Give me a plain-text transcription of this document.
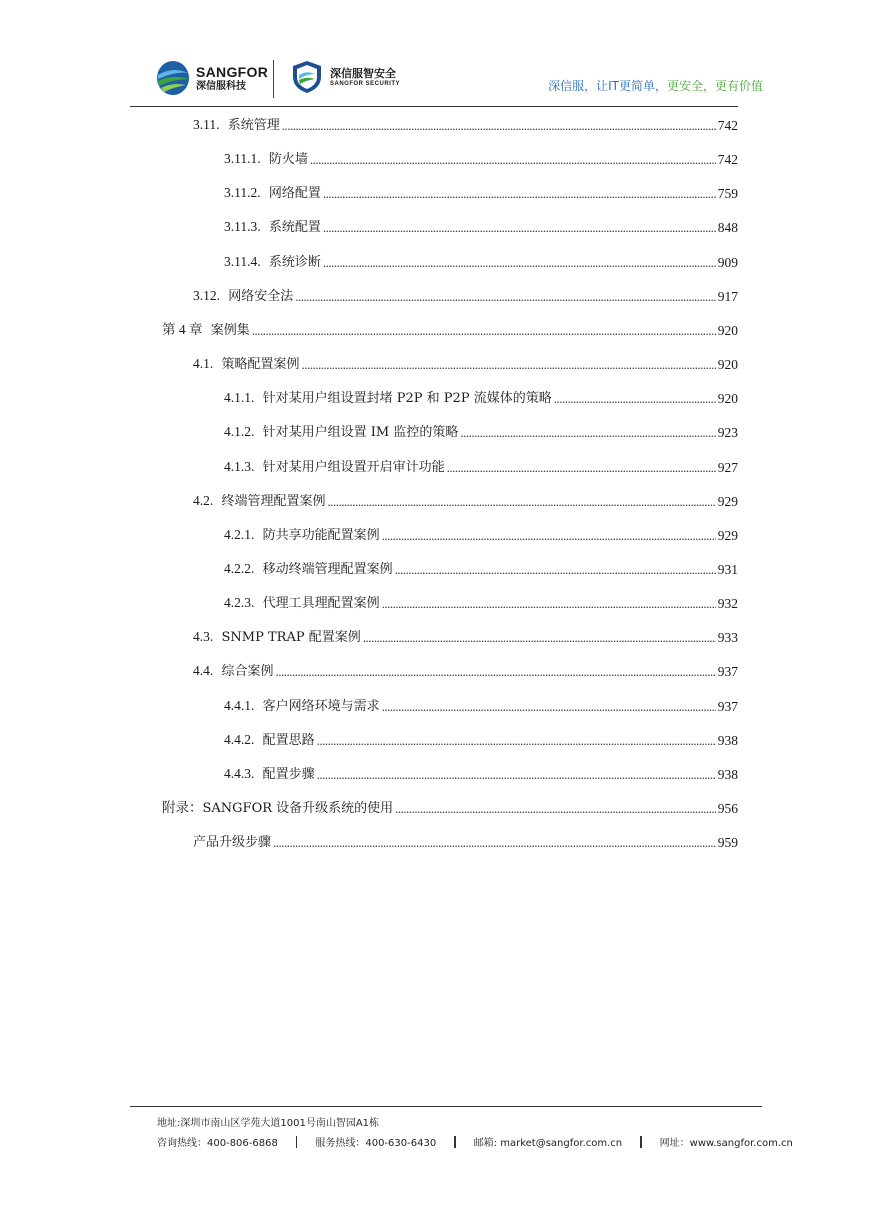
SANGFOR
深信服科技
深信服智安全
SANGFOR SECURITY	深信服，让IT更简单，更安全，更有价值
3.11. 系统管理 .....	742
3.11.1. 防火墙 .....	742
3.11.2. 网络配置 .....	759
3.11.3. 系统配置 .....	848
3.11.4. 系统诊断 .....	909
3.12. 网络安全法 .....	917
第 4 章 案例集 .....	920
4.1. 策略配置案例 .....	920
4.1.1. 针对某用户组设置封堵 P2P 和 P2P 流媒体的策略 .....	920
4.1.2. 针对某用户组设置 IM 监控的策略 .....	923
4.1.3. 针对某用户组设置开启审计功能 .....	927
4.2. 终端管理配置案例 .....	929
4.2.1. 防共享功能配置案例 .....	929
4.2.2. 移动终端管理配置案例 .....	931
4.2.3. 代理工具理配置案例 .....	932
4.3. SNMP TRAP 配置案例 .....	933
4.4. 综合案例 .....	937
4.4.1. 客户网络环境与需求 .....	937
4.4.2. 配置思路 .....	938
4.4.3. 配置步骤 .....	938
附录：SANGFOR 设备升级系统的使用 .....	956
产品升级步骤 .....	959
地址:深圳市南山区学苑大道1001号南山智园A1栋
咨询热线：400-806-6868	服务热线：400-630-6430	邮箱: market@sangfor.com.cn	网址：www.sangfor.com.cn
